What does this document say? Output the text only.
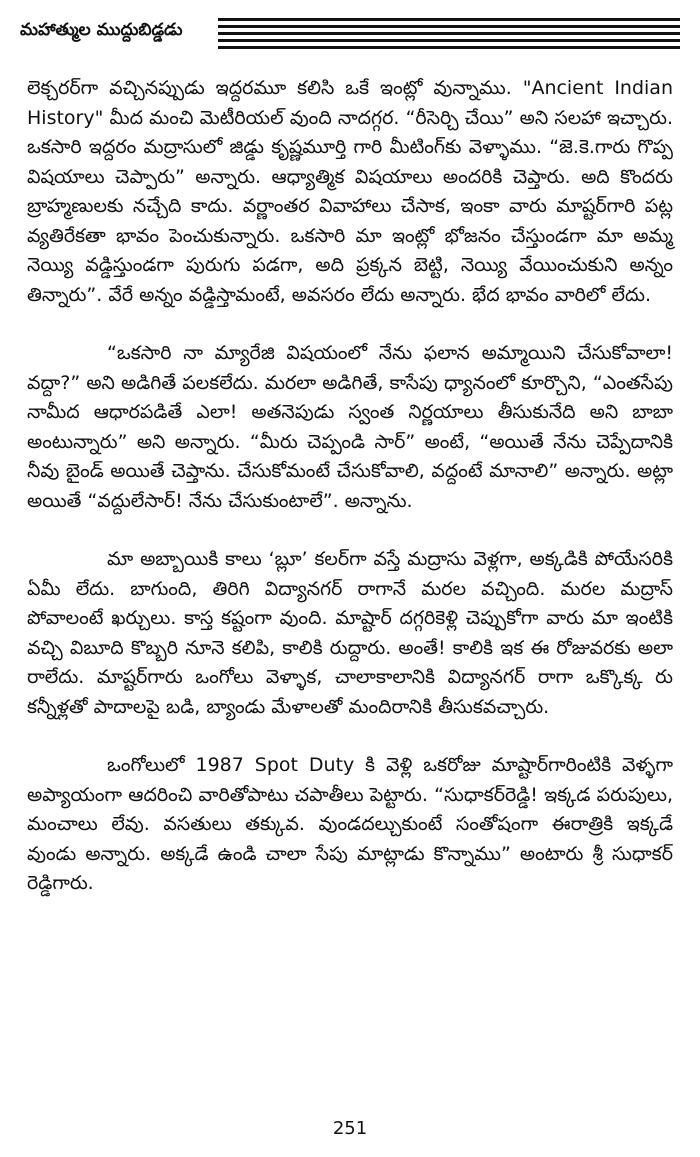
మహాత్ముల ముద్దుబిడ్డడు

లెక్చరర్‌గా వచ్చినప్పుడు ఇద్దరమూ కలిసి ఒకే ఇంట్లో వున్నాము. "Ancient Indian History" మీద మంచి మెటీరియల్ వుంది నాదగ్గర. “రీసెర్చి చేయి” అని సలహా ఇచ్చారు. ఒకసారి ఇద్దరం మద్రాసులో జిడ్డు కృష్ణమూర్తి గారి మీటింగ్‌కు వెళ్ళాము. “జె.కె.గారు గొప్ప విషయాలు చెప్పారు” అన్నారు. ఆధ్యాత్మిక విషయాలు అందరికి చెప్తారు. అది కొందరు బ్రాహ్మణులకు నచ్చేది కాదు. వర్ణాంతర వివాహాలు చేసాక, ఇంకా వారు మాష్టర్‌గారి పట్ల వ్యతిరేకతా భావం పెంచుకున్నారు. ఒకసారి మా ఇంట్లో భోజనం చేస్తుండగా మా అమ్మ నెయ్యి వడ్డిస్తుండగా పురుగు పడగా, అది ప్రక్కన బెట్టి, నెయ్యి వేయించుకుని అన్నం తిన్నారు”. వేరే అన్నం వడ్డిస్తామంటే, అవసరం లేదు అన్నారు. భేద భావం వారిలో లేదు.

“ఒకసారి నా మ్యారేజి విషయంలో నేను ఫలాన అమ్మాయిని చేసుకోవాలా! వద్దా?” అని అడిగితే పలకలేదు. మరలా అడిగితే, కాసేపు ధ్యానంలో కూర్చొని, “ఎంతసేపు నామీద ఆధారపడితే ఎలా! అతనెపుడు స్వంత నిర్ణయాలు తీసుకునేది అని బాబా అంటున్నారు” అని అన్నారు. “మీరు చెప్పండి సార్” అంటే, “అయితే నేను చెప్పేదానికి నీవు బైండ్ అయితే చెప్తాను. చేసుకోమంటే చేసుకోవాలి, వద్దంటే మానాలి” అన్నారు. అట్లా అయితే “వద్దులేసార్! నేను చేసుకుంటాలే”. అన్నాను.

మా అబ్బాయికి కాలు ‘బ్లూ’ కలర్‌గా వస్తే మద్రాసు వెళ్లగా, అక్కడికి పోయేసరికి ఏమీ లేదు. బాగుంది, తిరిగి విద్యానగర్ రాగానే మరల వచ్చింది. మరల మద్రాస్ పోవాలంటే ఖర్చులు. కాస్త కష్టంగా వుంది. మాష్టార్ దగ్గరికెళ్లి చెప్పుకోగా వారు మా ఇంటికి వచ్చి విబూది కొబ్బరి నూనె కలిపి, కాలికి రుద్దారు. అంతే! కాలికి ఇక ఈ రోజువరకు అలా రాలేదు. మాష్టర్‌గారు ఒంగోలు వెళ్ళాక, చాలాకాలానికి విద్యానగర్ రాగా ఒక్కొక్క రు కన్నీళ్లతో పాదాలపై బడి, బ్యాండు మేళాలతో మందిరానికి తీసుకవచ్చారు.

ఒంగోలులో 1987 Spot Duty కి వెళ్లి ఒకరోజు మాష్టార్‌గారింటికి వెళ్ళగా అప్యాయంగా ఆదరించి వారితోపాటు చపాతీలు పెట్టారు. “సుధాకర్‌రెడ్డి! ఇక్కడ పరుపులు, మంచాలు లేవు. వసతులు తక్కువ. వుండదల్చుకుంటే సంతోషంగా ఈరాత్రికి ఇక్కడే వుండు అన్నారు. అక్కడే ఉండి చాలా సేపు మాట్లాడు కొన్నాము” అంటారు శ్రీ సుధాకర్ రెడ్డిగారు.

251
